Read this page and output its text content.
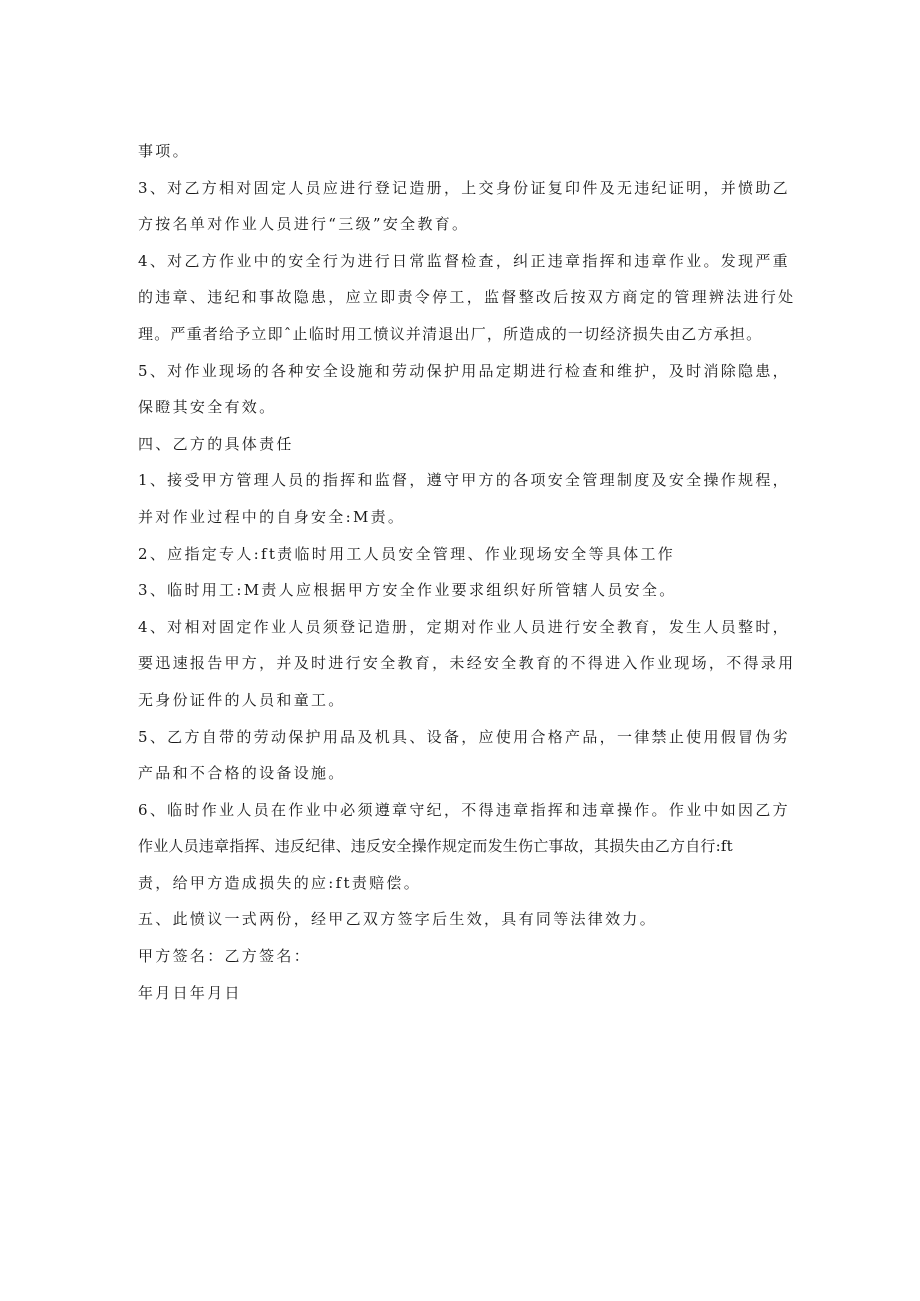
事项。
3、对乙方相对固定人员应进行登记造册，上交身份证复印件及无违纪证明，并愤助乙
方按名单对作业人员进行“三级”安全教育。
4、对乙方作业中的安全行为进行日常监督检查，纠正违章指挥和违章作业。发现严重
的违章、违纪和事故隐患，应立即责令停工，监督整改后按双方商定的管理辨法进行处
理。严重者给予立即ˆ止临时用工愤议并清退出厂，所造成的一切经济损失由乙方承担。
5、对作业现场的各种安全设施和劳动保护用品定期进行检查和维护，及时消除隐患，
保瞪其安全有效。
四、乙方的具体责任
1、接受甲方管理人员的指挥和监督，遵守甲方的各项安全管理制度及安全操作规程，
并对作业过程中的自身安全:M责。
2、应指定专人:ft责临时用工人员安全管理、作业现场安全等具体工作
3、临时用工:M责人应根据甲方安全作业要求组织好所管辖人员安全。
4、对相对固定作业人员须登记造册，定期对作业人员进行安全教育，发生人员整时，
要迅速报告甲方，并及时进行安全教育，未经安全教育的不得进入作业现场，不得录用
无身份证件的人员和童工。
5、乙方自带的劳动保护用品及机具、设备，应使用合格产品，一律禁止使用假冒伪劣
产品和不合格的设备设施。
6、临时作业人员在作业中必须遵章守纪，不得违章指挥和违章操作。作业中如因乙方
作业人员违章指挥、违反纪律、违反安全操作规定而发生伤亡事故，其损失由乙方自行:ft
责，给甲方造成损失的应:ft责赔偿。
五、此愤议一式两份，经甲乙双方签字后生效，具有同等法律效力。
甲方签名：乙方签名：
年月日年月日
